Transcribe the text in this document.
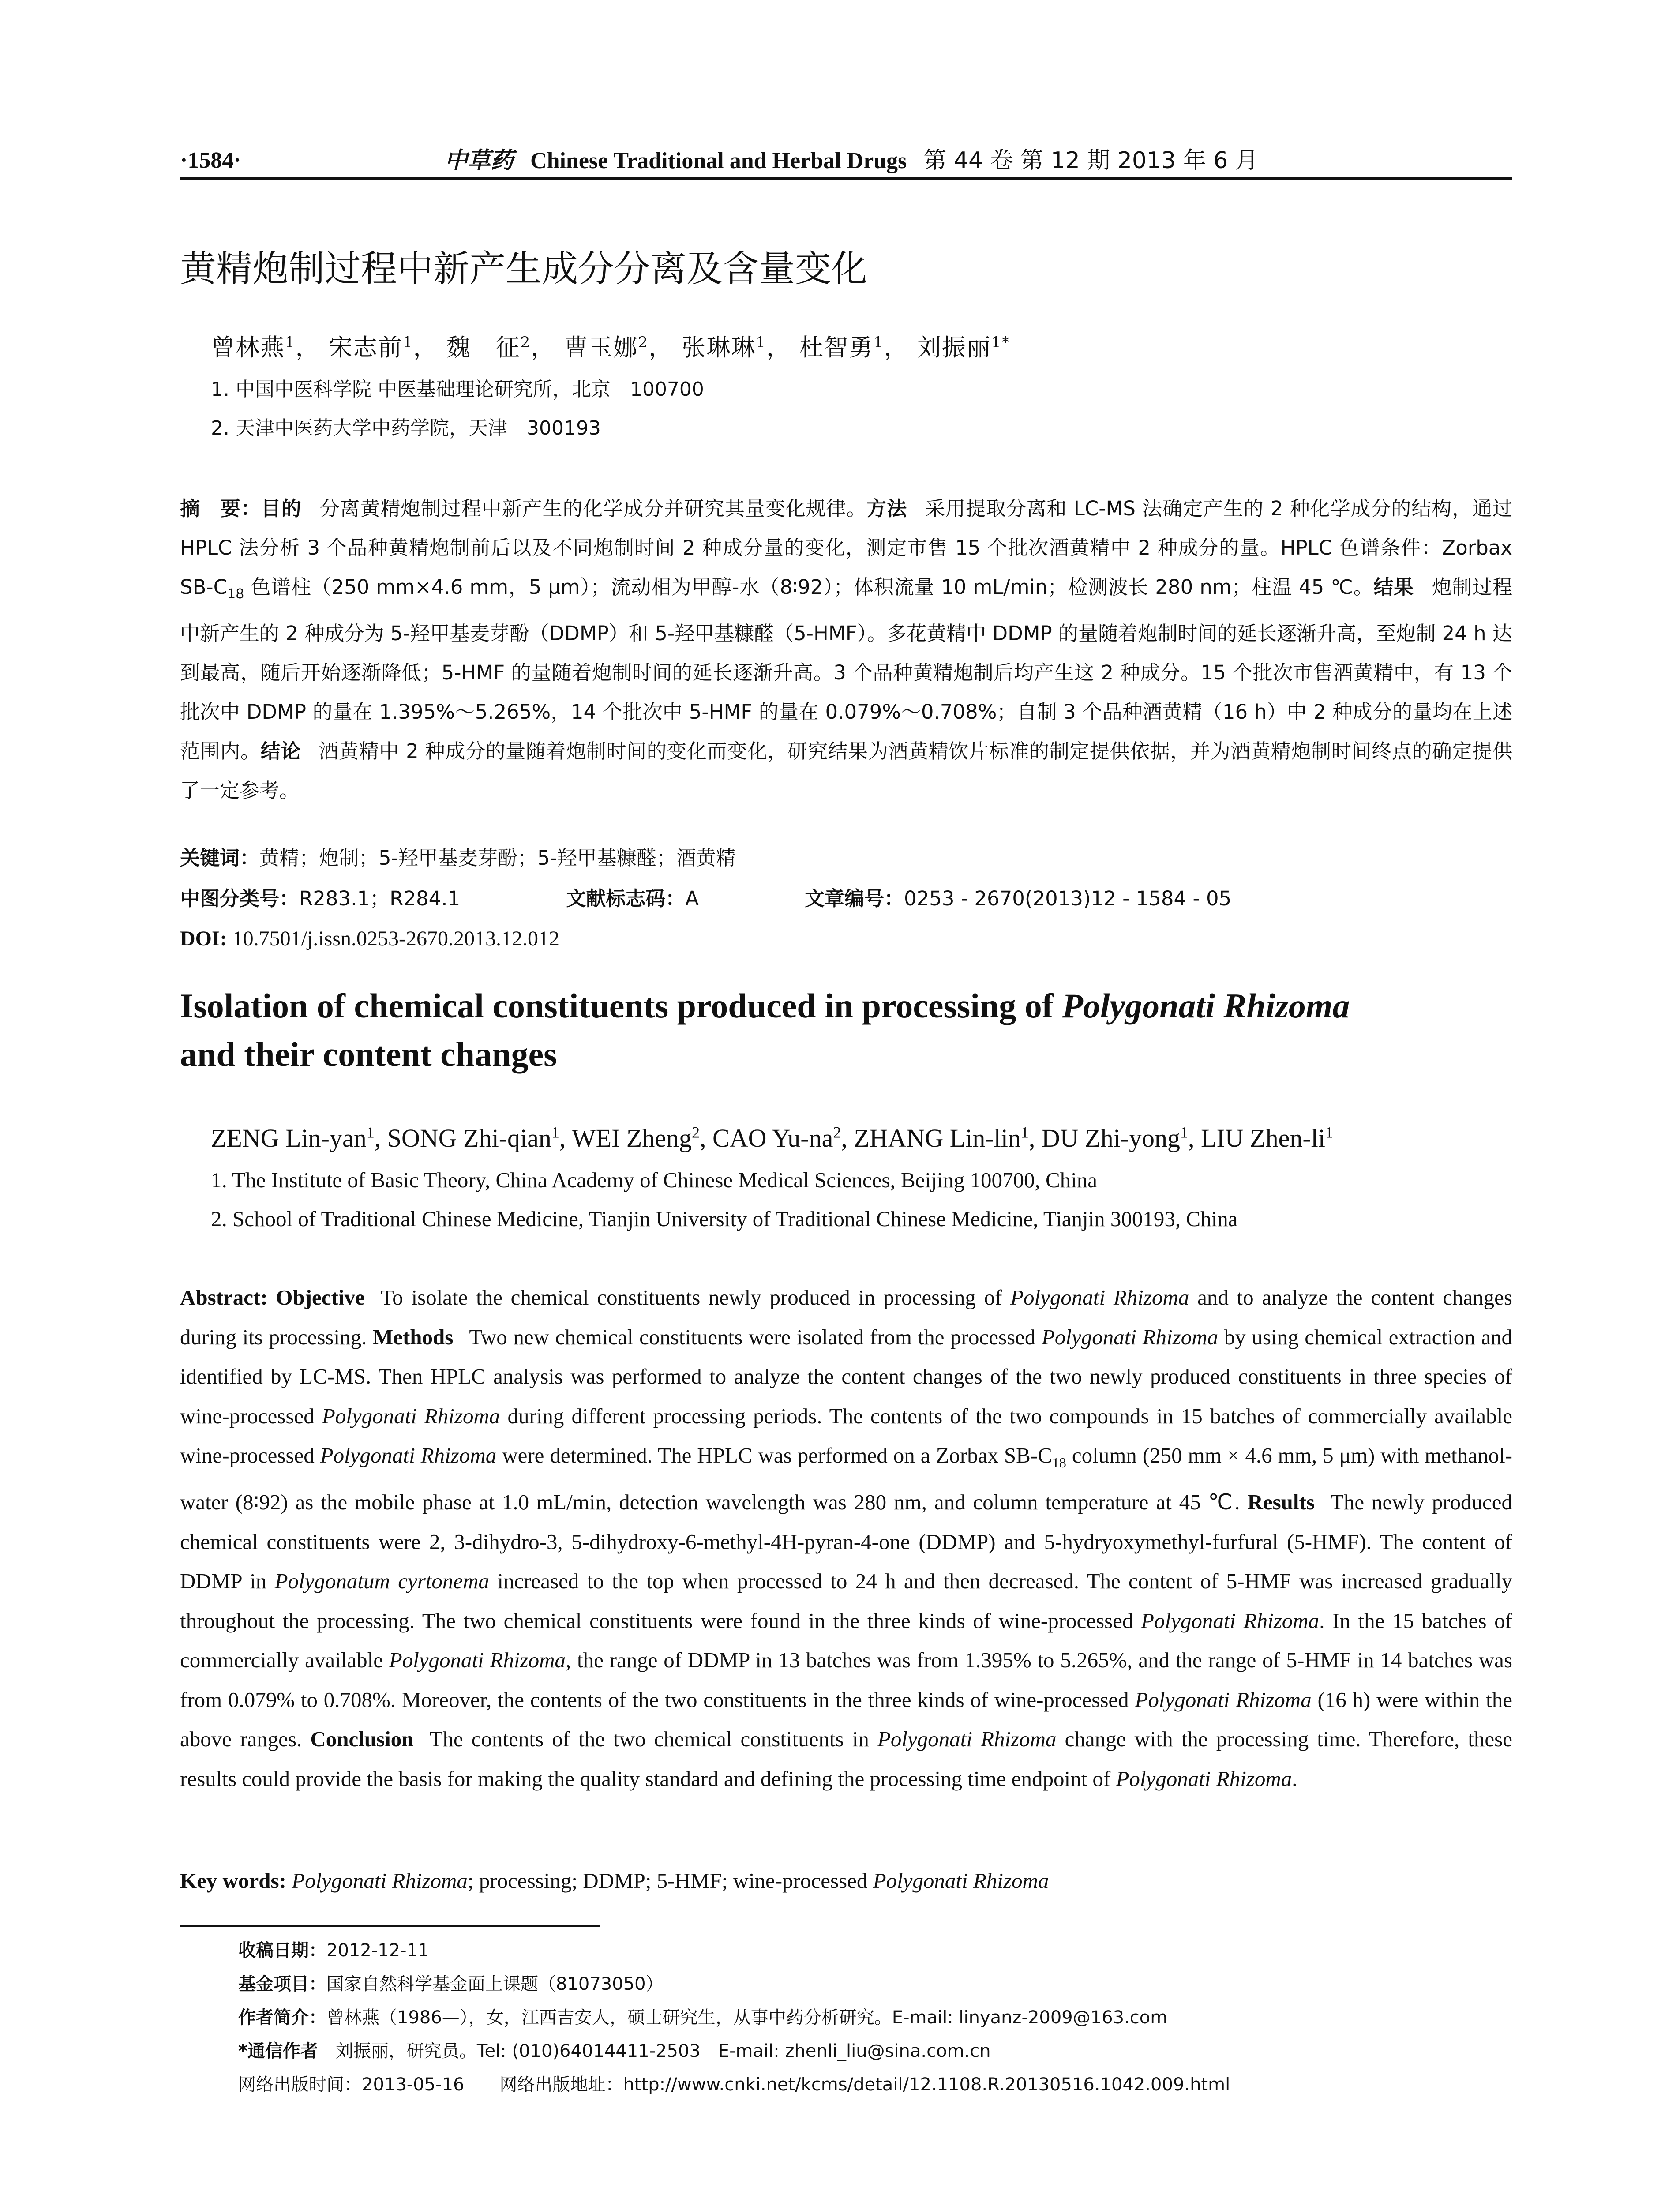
·1584·	中草药 Chinese Traditional and Herbal Drugs 第 44 卷 第 12 期 2013 年 6 月
黄精炮制过程中新产生成分分离及含量变化
曾林燕$^1$， 宋志前$^1$， 魏　征$^2$， 曹玉娜$^2$， 张琳琳$^1$， 杜智勇$^1$， 刘振丽$^{1*}$
1. 中国中医科学院 中医基础理论研究所，北京　100700
2. 天津中医药大学中药学院，天津　300193
摘　要：目的 分离黄精炮制过程中新产生的化学成分并研究其量变化规律。方法 采用提取分离和 LC-MS 法确定产生的 2 种化学成分的结构，通过 HPLC 法分析 3 个品种黄精炮制前后以及不同炮制时间 2 种成分量的变化，测定市售 15 个批次酒黄精中 2 种成分的量。HPLC 色谱条件：Zorbax $SB-C_{18}$ 色谱柱（250 mm×4.6 mm，5 μm）；流动相为甲醇-水（8∶92）；体积流量 10 mL/min；检测波长 280 nm；柱温 45 ℃。结果 炮制过程中新产生的 2 种成分为 5-羟甲基麦芽酚（DDMP）和 5-羟甲基糠醛（5-HMF）。多花黄精中 DDMP 的量随着炮制时间的延长逐渐升高，至炮制 24 h 达到最高，随后开始逐渐降低；5-HMF 的量随着炮制时间的延长逐渐升高。3 个品种黄精炮制后均产生这 2 种成分。15 个批次市售酒黄精中，有 13 个批次中 DDMP 的量在 1.395%～5.265%，14 个批次中 5-HMF 的量在 0.079%～0.708%；自制 3 个品种酒黄精（16 h）中 2 种成分的量均在上述范围内。结论 酒黄精中 2 种成分的量随着炮制时间的变化而变化，研究结果为酒黄精饮片标准的制定提供依据，并为酒黄精炮制时间终点的确定提供了一定参考。
关键词：黄精；炮制；5-羟甲基麦芽酚；5-羟甲基糠醛；酒黄精
中图分类号：R283.1；R284.1	文献标志码：A	文章编号：0253 - 2670(2013)12 - 1584 - 05
DOI: 10.7501/j.issn.0253-2670.2013.12.012
Isolation of chemical constituents produced in processing of Polygonati Rhizoma
and their content changes
ZENG Lin-yan$^1$, SONG Zhi-qian$^1$, WEI Zheng$^2$, CAO $Yu-na^2$, ZHANG Lin-lin$^1$, DU Zhi-yong$^1$, LIU Zhen-$li^1$
1. The Institute of Basic Theory, China Academy of Chinese Medical Sciences, Beijing 100700, China
2. School of Traditional Chinese Medicine, Tianjin University of Traditional Chinese Medicine, Tianjin 300193, China
Abstract: Objective To isolate the chemical constituents newly produced in processing of Polygonati Rhizoma and to analyze the content changes during its processing. Methods Two new chemical constituents were isolated from the processed Polygonati Rhizoma by using chemical extraction and identified by LC-MS. Then HPLC analysis was performed to analyze the content changes of the two newly produced constituents in three species of wine-processed Polygonati Rhizoma during different processing periods. The contents of the two compounds in 15 batches of commercially available wine-processed Polygonati Rhizoma were determined. The HPLC was performed on a Zorbax $SB-C_{18}$ column (250 mm × 4.6 mm, 5 μm) with methanol-water (8∶92) as the mobile phase at 1.0 mL/min, detection wavelength was 280 nm, and column temperature at 45 ℃. Results The newly produced chemical constituents were 2, 3-dihydro-3, 5-dihydroxy-6-methyl-4H-pyran-4-one (DDMP) and 5-hydryoxymethyl-furfural (5-HMF). The content of DDMP in Polygonatum cyrtonema increased to the top when processed to 24 h and then decreased. The content of 5-HMF was increased gradually throughout the processing. The two chemical constituents were found in the three kinds of wine-processed Polygonati Rhizoma. In the 15 batches of commercially available Polygonati Rhizoma, the range of DDMP in 13 batches was from 1.395% to 5.265%, and the range of 5-HMF in 14 batches was from 0.079% to 0.708%. Moreover, the contents of the two constituents in the three kinds of wine-processed Polygonati Rhizoma (16 h) were within the above ranges. Conclusion The contents of the two chemical constituents in Polygonati Rhizoma change with the processing time. Therefore, these results could provide the basis for making the quality standard and defining the processing time endpoint of Polygonati Rhizoma.
Key words: Polygonati Rhizoma; processing; DDMP; 5-HMF; wine-processed Polygonati Rhizoma
收稿日期：2012-12-11
基金项目：国家自然科学基金面上课题（81073050）
作者简介：曾林燕（1986—），女，江西吉安人，硕士研究生，从事中药分析研究。E-mail: linyanz-2009@163.com
*通信作者　 刘振丽，研究员。Tel: (010)64014411-2503　E-mail: zhenli_liu@sina.com.cn
网络出版时间：2013-05-16 网络出版地址：http://www.cnki.net/kcms/detail/12.1108.R.20130516.1042.009.html
